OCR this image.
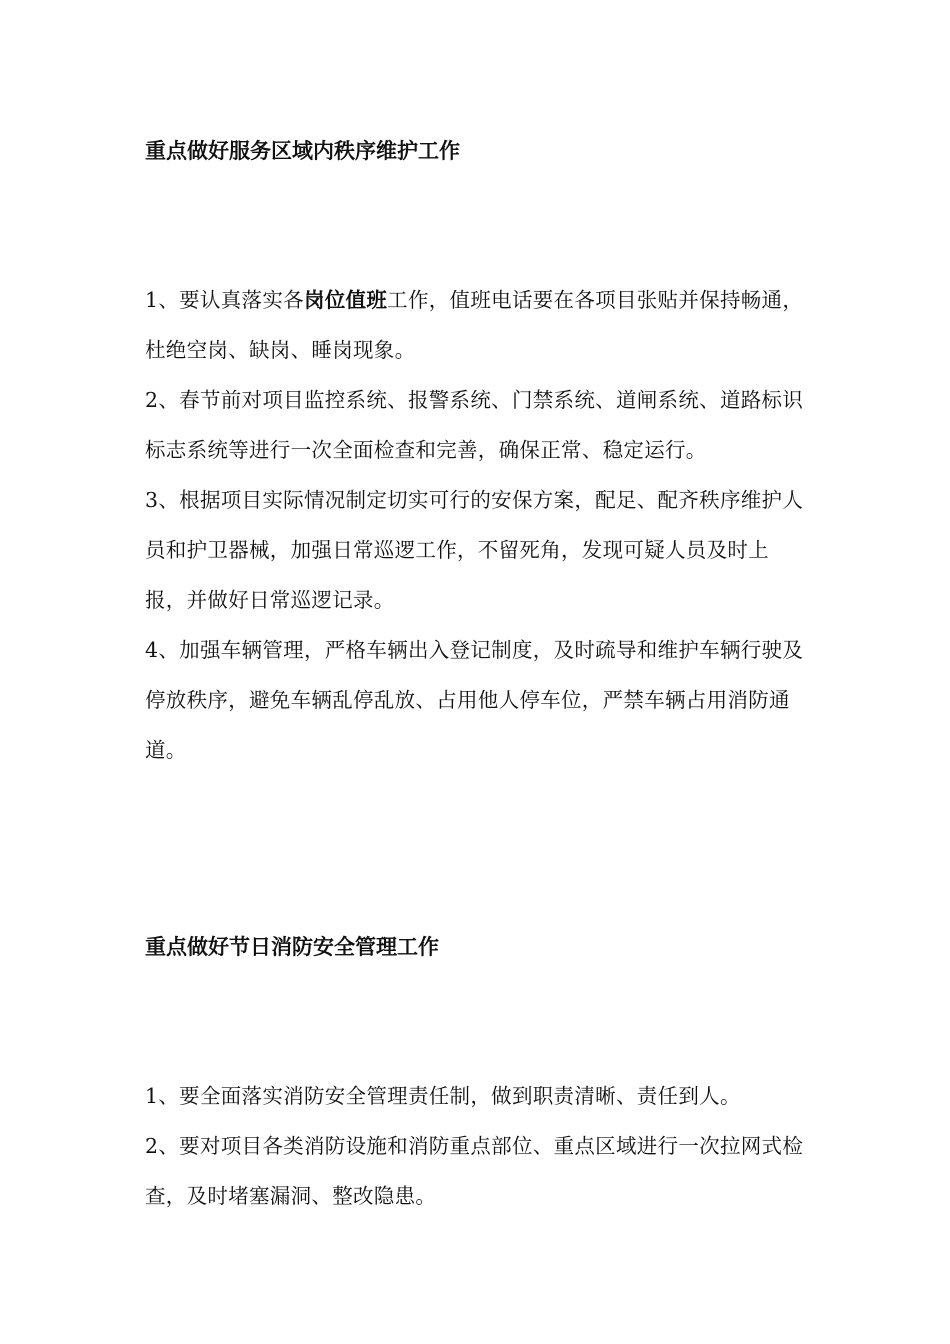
重点做好服务区域内秩序维护工作

1、要认真落实各岗位值班工作，值班电话要在各项目张贴并保持畅通，杜绝空岗、缺岗、睡岗现象。

2、春节前对项目监控系统、报警系统、门禁系统、道闸系统、道路标识标志系统等进行一次全面检查和完善，确保正常、稳定运行。

3、根据项目实际情况制定切实可行的安保方案，配足、配齐秩序维护人员和护卫器械，加强日常巡逻工作，不留死角，发现可疑人员及时上报，并做好日常巡逻记录。

4、加强车辆管理，严格车辆出入登记制度，及时疏导和维护车辆行驶及停放秩序，避免车辆乱停乱放、占用他人停车位，严禁车辆占用消防通道。

重点做好节日消防安全管理工作

1、要全面落实消防安全管理责任制，做到职责清晰、责任到人。

2、要对项目各类消防设施和消防重点部位、重点区域进行一次拉网式检查，及时堵塞漏洞、整改隐患。
